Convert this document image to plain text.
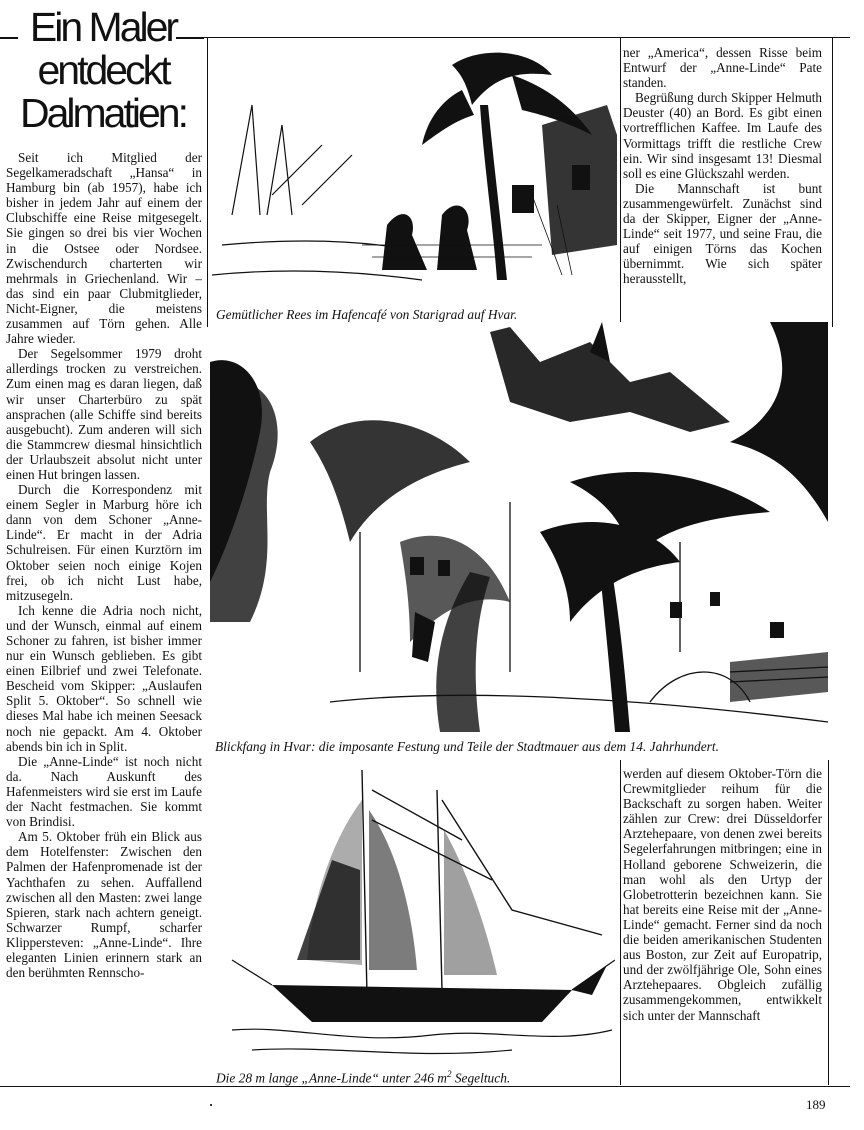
Ein Maler
entdeckt
Dalmatien:

Seit ich Mitglied der Segelkameradschaft „Hansa“ in Hamburg bin (ab 1957), habe ich bisher in jedem Jahr auf einem der Clubschiffe eine Reise mitgesegelt. Sie gingen so drei bis vier Wochen in die Ostsee oder Nordsee. Zwischendurch charterten wir mehrmals in Griechenland. Wir – das sind ein paar Clubmitglieder, Nicht-Eigner, die meistens zusammen auf Törn gehen. Alle Jahre wieder.

Der Segelsommer 1979 droht allerdings trocken zu verstreichen. Zum einen mag es daran liegen, daß wir unser Charterbüro zu spät ansprachen (alle Schiffe sind bereits ausgebucht). Zum anderen will sich die Stammcrew diesmal hinsichtlich der Urlaubszeit absolut nicht unter einen Hut bringen lassen.

Durch die Korrespondenz mit einem Segler in Marburg höre ich dann von dem Schoner „Anne-Linde“. Er macht in der Adria Schulreisen. Für einen Kurztörn im Oktober seien noch einige Kojen frei, ob ich nicht Lust habe, mitzusegeln.

Ich kenne die Adria noch nicht, und der Wunsch, einmal auf einem Schoner zu fahren, ist bisher immer nur ein Wunsch geblieben. Es gibt einen Eilbrief und zwei Telefonate. Bescheid vom Skipper: „Auslaufen Split 5. Oktober“. So schnell wie dieses Mal habe ich meinen Seesack noch nie gepackt. Am 4. Oktober abends bin ich in Split.

Die „Anne-Linde“ ist noch nicht da. Nach Auskunft des Hafenmeisters wird sie erst im Laufe der Nacht festmachen. Sie kommt von Brindisi.

Am 5. Oktober früh ein Blick aus dem Hotelfenster: Zwischen den Palmen der Hafenpromenade ist der Yachthafen zu sehen. Auffallend zwischen all den Masten: zwei lange Spieren, stark nach achtern geneigt. Schwarzer Rumpf, scharfer Klippersteven: „Anne-Linde“. Ihre eleganten Linien erinnern stark an den berühmten Rennscho-

Gemütlicher Rees im Hafencafé von Starigrad auf Hvar.

ner „America“, dessen Risse beim Entwurf der „Anne-Linde“ Pate standen.

Begrüßung durch Skipper Helmuth Deuster (40) an Bord. Es gibt einen vortrefflichen Kaffee. Im Laufe des Vormittags trifft die restliche Crew ein. Wir sind insgesamt 13! Diesmal soll es eine Glückszahl werden.

Die Mannschaft ist bunt zusammengewürfelt. Zunächst sind da der Skipper, Eigner der „Anne-Linde“ seit 1977, und seine Frau, die auf einigen Törns das Kochen übernimmt. Wie sich später herausstellt,

Blickfang in Hvar: die imposante Festung und Teile der Stadtmauer aus dem 14. Jahrhundert.
Die 28 m lange „Anne-Linde“ unter 246 $m^2$ Segeltuch.

werden auf diesem Oktober-Törn die Crewmitglieder reihum für die Backschaft zu sorgen haben. Weiter zählen zur Crew: drei Düsseldorfer Arztehepaare, von denen zwei bereits Segelerfahrungen mitbringen; eine in Holland geborene Schweizerin, die man wohl als den Urtyp der Globetrotterin bezeichnen kann. Sie hat bereits eine Reise mit der „Anne-Linde“ gemacht. Ferner sind da noch die beiden amerikanischen Studenten aus Boston, zur Zeit auf Europatrip, und der zwölfjährige Ole, Sohn eines Arztehepaares. Obgleich zufällig zusammengekommen, entwikkelt sich unter der Mannschaft

189
